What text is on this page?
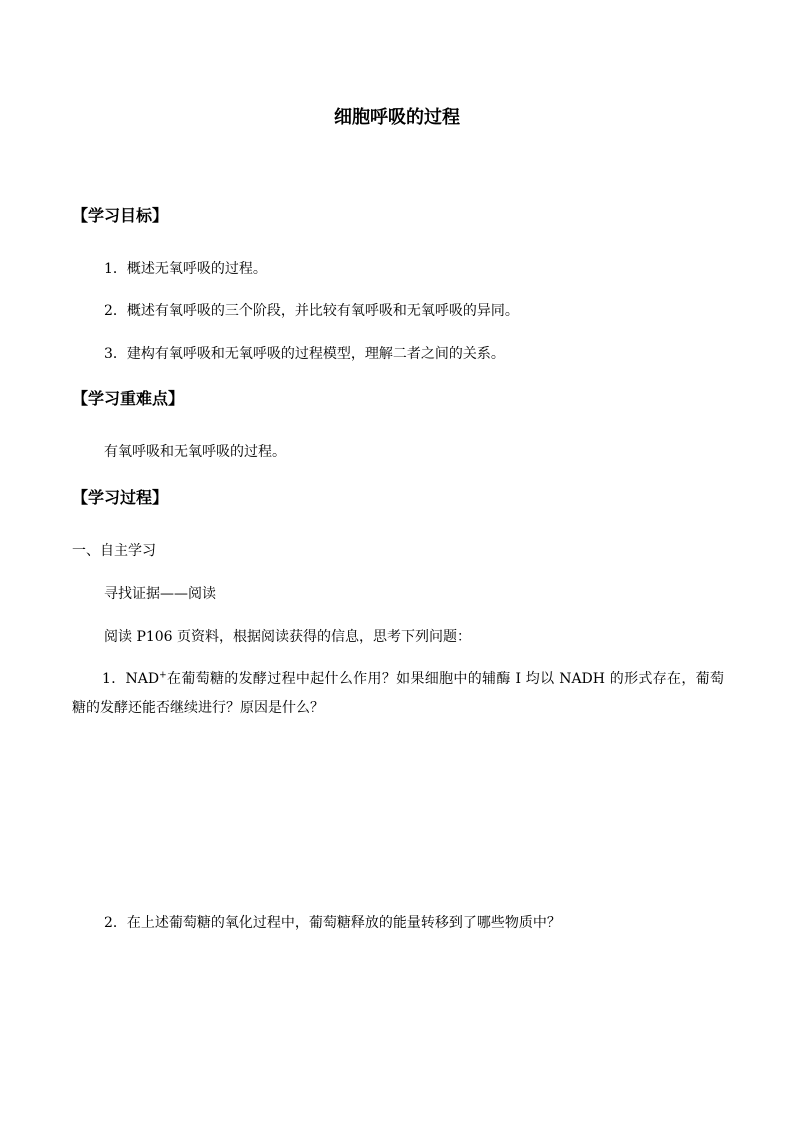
细胞呼吸的过程
【学习目标】
1．概述无氧呼吸的过程。
2．概述有氧呼吸的三个阶段，并比较有氧呼吸和无氧呼吸的异同。
3．建构有氧呼吸和无氧呼吸的过程模型，理解二者之间的关系。
【学习重难点】
有氧呼吸和无氧呼吸的过程。
【学习过程】
一、自主学习
寻找证据——阅读
阅读 P106 页资料，根据阅读获得的信息，思考下列问题：
1．NAD+在葡萄糖的发酵过程中起什么作用？如果细胞中的辅酶 I 均以 NADH 的形式存在，葡萄糖的发酵还能否继续进行？原因是什么？
2．在上述葡萄糖的氧化过程中，葡萄糖释放的能量转移到了哪些物质中？
